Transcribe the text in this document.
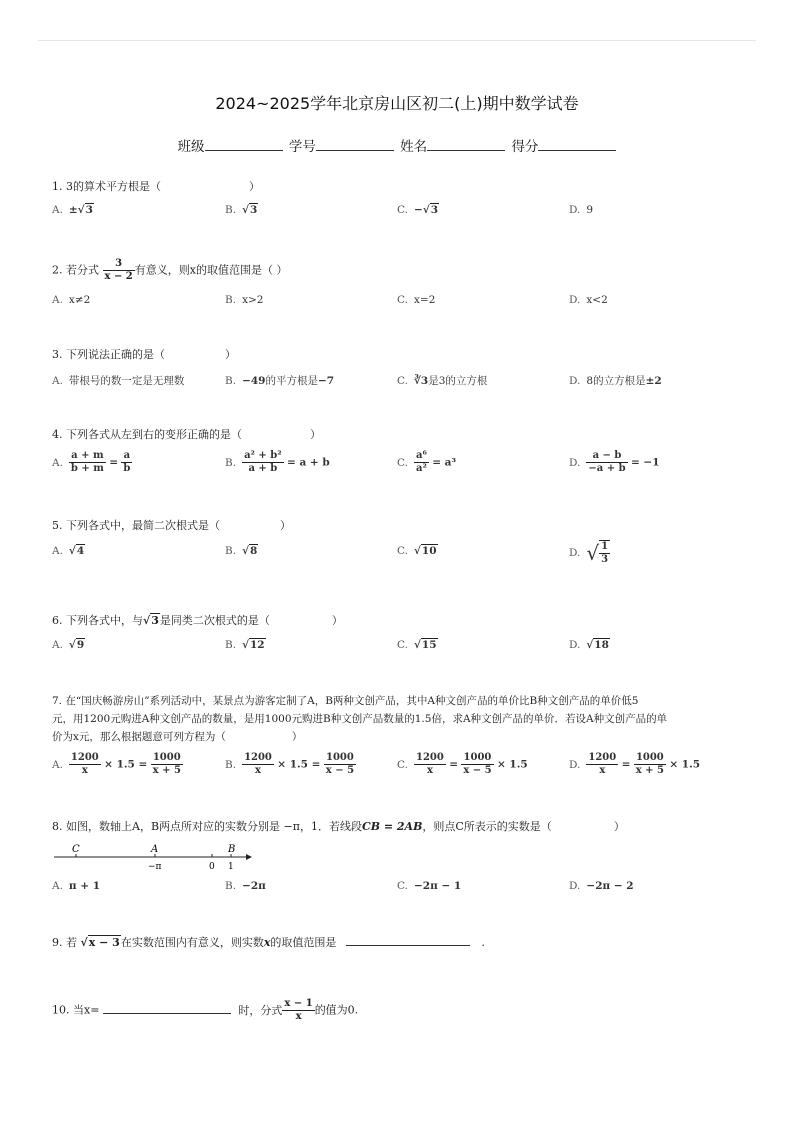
2024~2025学年北京房山区初二(上)期中数学试卷
班级	学号	姓名	得分
1. 3的算术平方根是（	）
A. ±√3	B. √3	C. −√3	D. 9
2. 若分式 $\frac{3}{x - 2}$ 有意义，则x的取值范围是（ ）
A. x≠2	B. x>2	C. x=2	D. x<2
3. 下列说法正确的是（	）
A. 带根号的数一定是无理数	B. −49的平方根是−7	C. ∛3是3的立方根	D. 8的立方根是±2
4. 下列各式从左到右的变形正确的是（	）
A. $\frac{a + m}{b + m} = \frac{a}{b}$	B. $\frac{\text{a² + b²}}{a + b} = a + b$	C. $\frac{\text{a⁶}}{\text{a²}} = a^3$	D. $\frac{a - b}{-a + b} = -1$
5. 下列各式中，最简二次根式是（	）
A. √4	B. √8	C. √10	D. √ $\frac{1}{3}$
6. 下列各式中，与√3是同类二次根式的是（	）
A. √9	B. √12	C. √15	D. √18
7. 在“国庆畅游房山”系列活动中，某景点为游客定制了A，B两种文创产品，其中A种文创产品的单价比B种文创产品的单价低5
元，用1200元购进A种文创产品的数量，是用1000元购进B种文创产品数量的1.5倍，求A种文创产品的单价．若设A种文创产品的单
价为x元，那么根据题意可列方程为（	）
A. $\frac{1200}{x} \times 1.5 = \frac{1000}{x + 5}$	B. $\frac{1200}{x} \times 1.5 = \frac{1000}{x - 5}$	C. $\frac{1200}{x} = \frac{1000}{x - 5} \times 1.5$	D. $\frac{1200}{x} = \frac{1000}{x + 5} \times 1.5$
8. 如图，数轴上A，B两点所对应的实数分别是 −π，1．若线段CB = 2AB，则点C所表示的实数是（	）
C	A	B
−π	0 1
A. π + 1	B. −2π	C. −2π − 1	D. −2π − 2
9. 若 √x − 3在实数范围内有意义，则实数x的取值范围是	.
10. 当x=	时，分式 $\frac{x - 1}{x}$ 的值为0.
